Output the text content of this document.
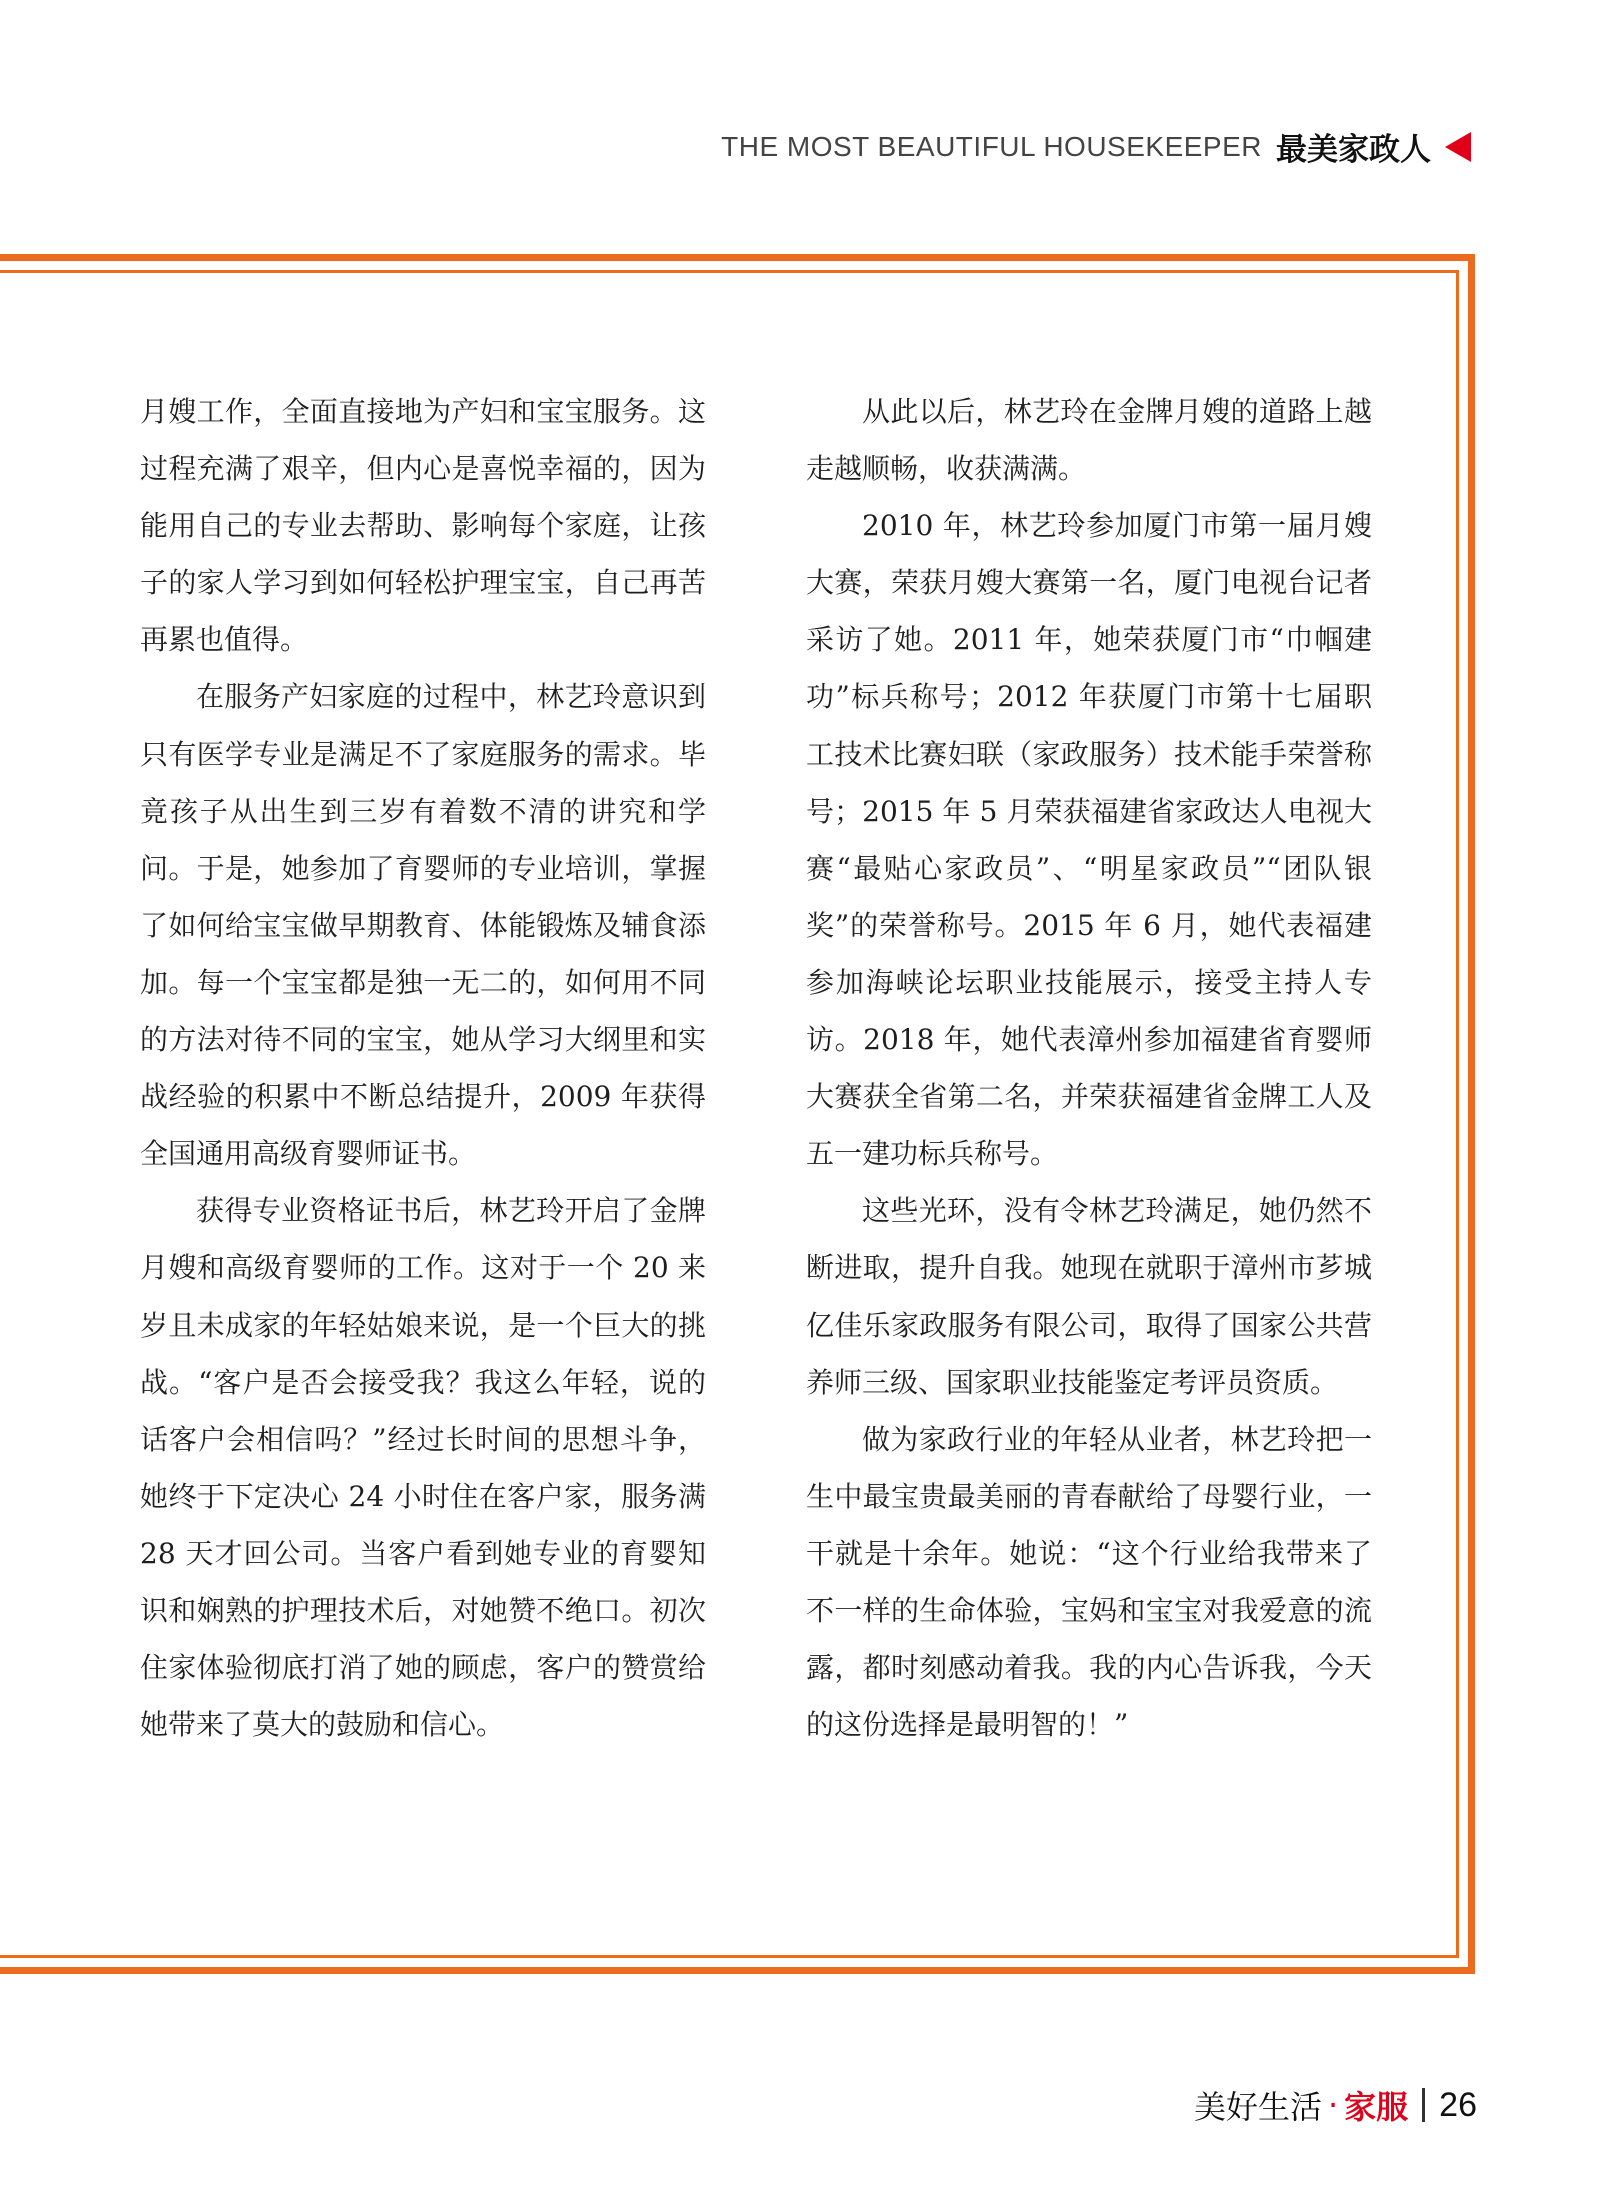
THE MOST BEAUTIFUL HOUSEKEEPER 最美家政人

月嫂工作，全面直接地为产妇和宝宝服务。这过程充满了艰辛，但内心是喜悦幸福的，因为能用自己的专业去帮助、影响每个家庭，让孩子的家人学习到如何轻松护理宝宝，自己再苦再累也值得。

在服务产妇家庭的过程中，林艺玲意识到只有医学专业是满足不了家庭服务的需求。毕竟孩子从出生到三岁有着数不清的讲究和学问。于是，她参加了育婴师的专业培训，掌握了如何给宝宝做早期教育、体能锻炼及辅食添加。每一个宝宝都是独一无二的，如何用不同的方法对待不同的宝宝，她从学习大纲里和实战经验的积累中不断总结提升，2009 年获得全国通用高级育婴师证书。

获得专业资格证书后，林艺玲开启了金牌月嫂和高级育婴师的工作。这对于一个 20 来岁且未成家的年轻姑娘来说，是一个巨大的挑战。“客户是否会接受我？我这么年轻，说的话客户会相信吗？”经过长时间的思想斗争，她终于下定决心 24 小时住在客户家，服务满 28 天才回公司。当客户看到她专业的育婴知识和娴熟的护理技术后，对她赞不绝口。初次住家体验彻底打消了她的顾虑，客户的赞赏给她带来了莫大的鼓励和信心。

从此以后，林艺玲在金牌月嫂的道路上越走越顺畅，收获满满。

2010 年，林艺玲参加厦门市第一届月嫂大赛，荣获月嫂大赛第一名，厦门电视台记者采访了她。2011 年，她荣获厦门市“巾帼建功”标兵称号；2012 年获厦门市第十七届职工技术比赛妇联（家政服务）技术能手荣誉称号；2015 年 5 月荣获福建省家政达人电视大赛“最贴心家政员”、“明星家政员”“团队银奖”的荣誉称号。2015 年 6 月，她代表福建参加海峡论坛职业技能展示，接受主持人专访。2018 年，她代表漳州参加福建省育婴师大赛获全省第二名，并荣获福建省金牌工人及五一建功标兵称号。

这些光环，没有令林艺玲满足，她仍然不断进取，提升自我。她现在就职于漳州市芗城亿佳乐家政服务有限公司，取得了国家公共营养师三级、国家职业技能鉴定考评员资质。

做为家政行业的年轻从业者，林艺玲把一生中最宝贵最美丽的青春献给了母婴行业，一干就是十余年。她说：“这个行业给我带来了不一样的生命体验，宝妈和宝宝对我爱意的流露，都时刻感动着我。我的内心告诉我，今天的这份选择是最明智的！”

美好生活 · 家服 26
